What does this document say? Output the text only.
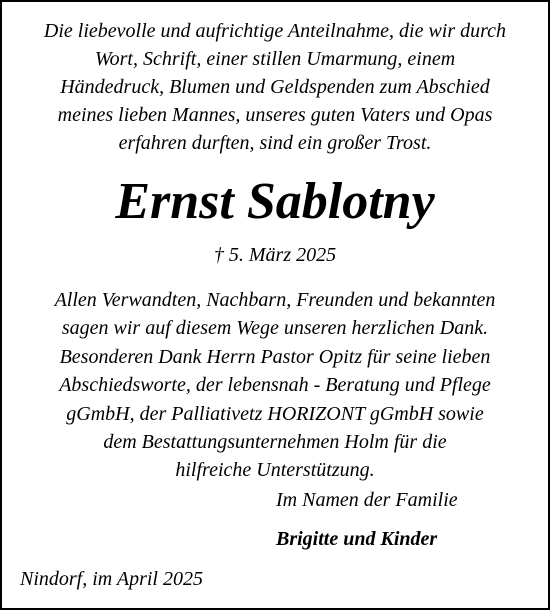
Die liebevolle und aufrichtige Anteilnahme, die wir durch
Wort, Schrift, einer stillen Umarmung, einem
Händedruck, Blumen und Geldspenden zum Abschied
meines lieben Mannes, unseres guten Vaters und Opas
erfahren durften, sind ein großer Trost.

Ernst Sablotny

† 5. März 2025

Allen Verwandten, Nachbarn, Freunden und bekannten
sagen wir auf diesem Wege unseren herzlichen Dank.
Besonderen Dank Herrn Pastor Opitz für seine lieben
Abschiedsworte, der lebensnah - Beratung und Pflege
gGmbH, der Palliativetz HORIZONT gGmbH sowie
dem Bestattungsunternehmen Holm für die
hilfreiche Unterstützung.

Im Namen der Familie

Brigitte und Kinder

Nindorf, im April 2025
